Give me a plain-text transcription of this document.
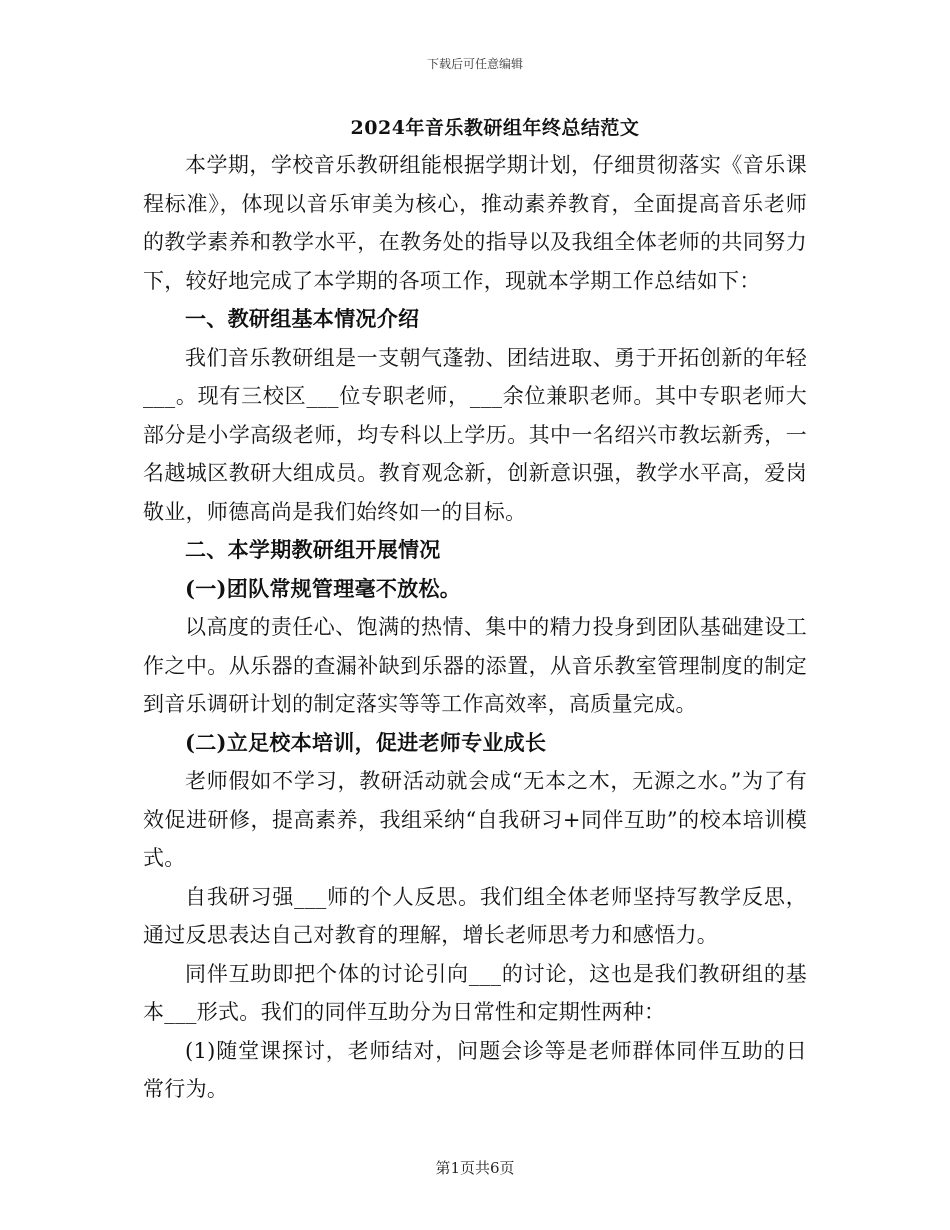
下载后可任意编辑
2024年音乐教研组年终总结范文

本学期，学校音乐教研组能根据学期计划，仔细贯彻落实《音乐课程标准》，体现以音乐审美为核心，推动素养教育，全面提高音乐老师的教学素养和教学水平，在教务处的指导以及我组全体老师的共同努力下，较好地完成了本学期的各项工作，现就本学期工作总结如下：

一、教研组基本情况介绍

我们音乐教研组是一支朝气蓬勃、团结进取、勇于开拓创新的年轻___。现有三校区___位专职老师，___余位兼职老师。其中专职老师大部分是小学高级老师，均专科以上学历。其中一名绍兴市教坛新秀，一名越城区教研大组成员。教育观念新，创新意识强，教学水平高，爱岗敬业，师德高尚是我们始终如一的目标。

二、本学期教研组开展情况

(一)团队常规管理毫不放松。

以高度的责任心、饱满的热情、集中的精力投身到团队基础建设工作之中。从乐器的查漏补缺到乐器的添置，从音乐教室管理制度的制定到音乐调研计划的制定落实等等工作高效率，高质量完成。

(二)立足校本培训，促进老师专业成长

老师假如不学习，教研活动就会成“无本之木，无源之水。”为了有效促进研修，提高素养，我组采纳“自我研习+同伴互助”的校本培训模式。

自我研习强___师的个人反思。我们组全体老师坚持写教学反思，通过反思表达自己对教育的理解，增长老师思考力和感悟力。

同伴互助即把个体的讨论引向___的讨论，这也是我们教研组的基本___形式。我们的同伴互助分为日常性和定期性两种：

(1)随堂课探讨，老师结对，问题会诊等是老师群体同伴互助的日常行为。

第1页共6页
